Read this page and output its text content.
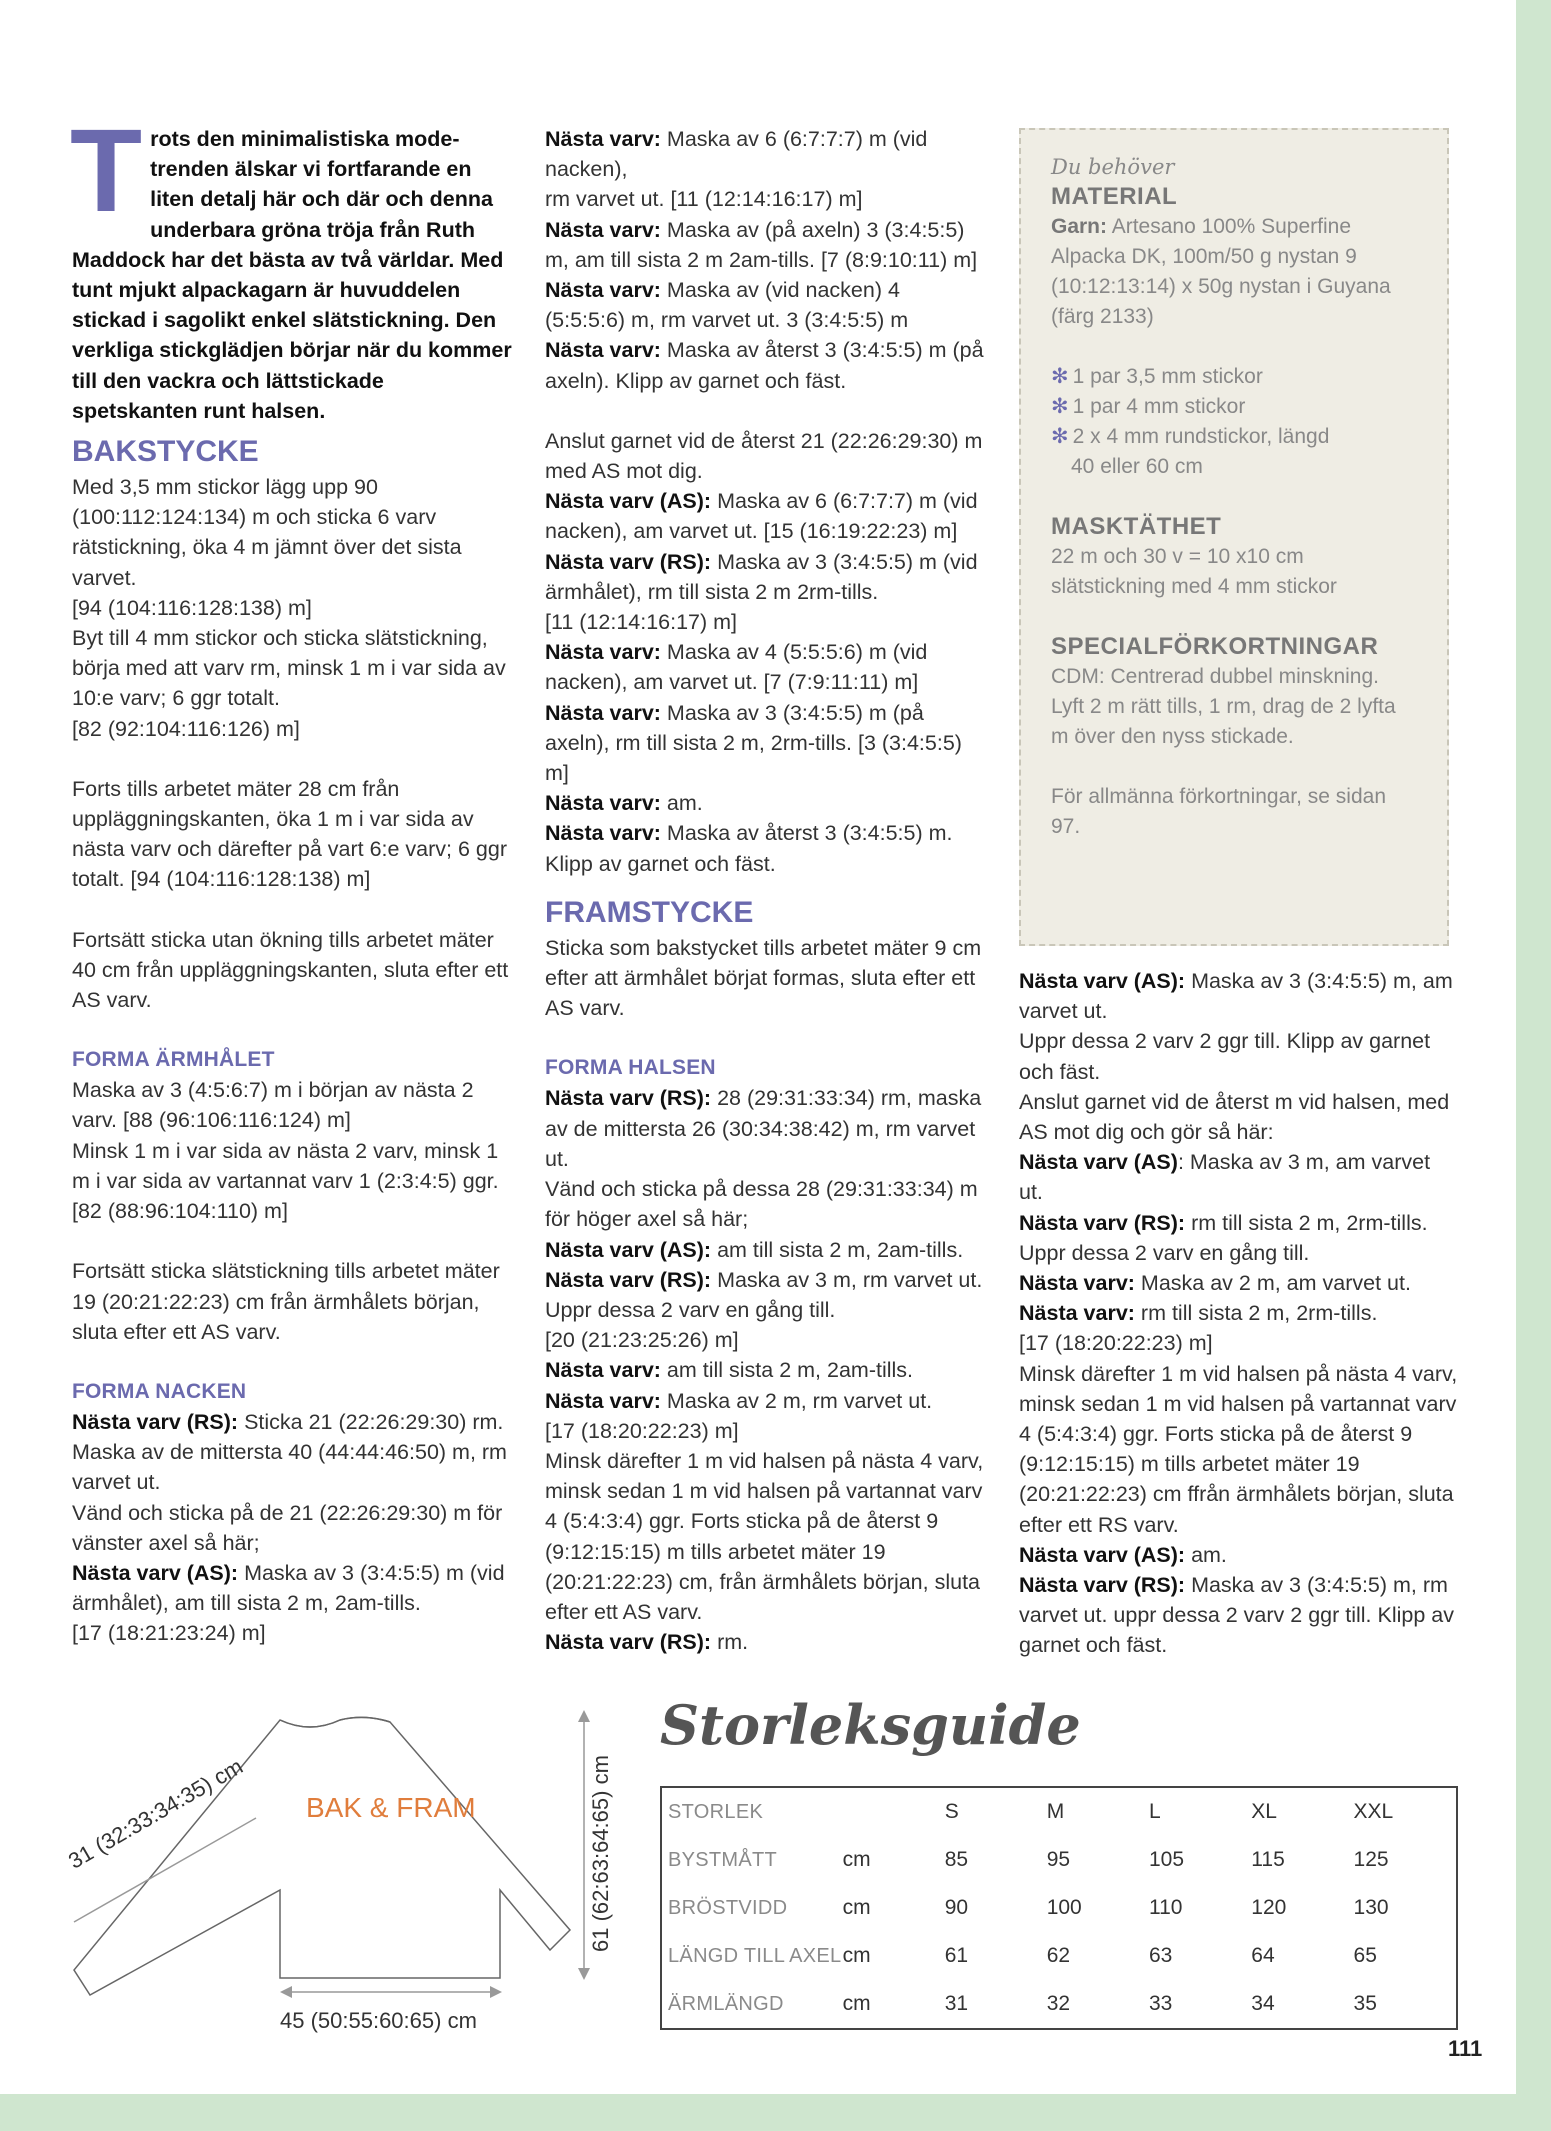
Trots den minimalistiska mode-trenden älskar vi fortfarande en liten detalj här och där och denna underbara gröna tröja från Ruth Maddock har det bästa av två världar. Med tunt mjukt alpackagarn är huvuddelen stickad i sagolikt enkel slätstickning. Den verkliga stickglädjen börjar när du kommer till den vackra och lättstickade spetskanten runt halsen.

BAKSTYCKE

Med 3,5 mm stickor lägg upp 90 (100:112:124:134) m och sticka 6 varv rätstickning, öka 4 m jämnt över det sista varvet.

[94 (104:116:128:138) m]

Byt till 4 mm stickor och sticka slätstickning, börja med att varv rm, minsk 1 m i var sida av 10:e varv; 6 ggr totalt.

[82 (92:104:116:126) m]

Forts tills arbetet mäter 28 cm från uppläggningskanten, öka 1 m i var sida av nästa varv och därefter på vart 6:e varv; 6 ggr totalt. [94 (104:116:128:138) m]

Fortsätt sticka utan ökning tills arbetet mäter 40 cm från uppläggningskanten, sluta efter ett AS varv.

FORMA ÄRMHÅLET

Maska av 3 (4:5:6:7) m i början av nästa 2 varv. [88 (96:106:116:124) m]

Minsk 1 m i var sida av nästa 2 varv, minsk 1 m i var sida av vartannat varv 1 (2:3:4:5) ggr.

[82 (88:96:104:110) m]

Fortsätt sticka slätstickning tills arbetet mäter 19 (20:21:22:23) cm från ärmhålets början, sluta efter ett AS varv.

FORMA NACKEN

Nästa varv (RS): Sticka 21 (22:26:29:30) rm. Maska av de mittersta 40 (44:44:46:50) m, rm varvet ut.

Vänd och sticka på de 21 (22:26:29:30) m för vänster axel så här;

Nästa varv (AS): Maska av 3 (3:4:5:5) m (vid ärmhålet), am till sista 2 m, 2am-tills.

[17 (18:21:23:24) m]

Nästa varv: Maska av 6 (6:7:7:7) m (vid nacken),

rm varvet ut. [11 (12:14:16:17) m]

Nästa varv: Maska av (på axeln) 3 (3:4:5:5) m, am till sista 2 m 2am-tills. [7 (8:9:10:11) m]

Nästa varv: Maska av (vid nacken) 4 (5:5:5:6) m, rm varvet ut. 3 (3:4:5:5) m

Nästa varv: Maska av återst 3 (3:4:5:5) m (på axeln). Klipp av garnet och fäst.

Anslut garnet vid de återst 21 (22:26:29:30) m med AS mot dig.

Nästa varv (AS): Maska av 6 (6:7:7:7) m (vid nacken), am varvet ut. [15 (16:19:22:23) m]

Nästa varv (RS): Maska av 3 (3:4:5:5) m (vid ärmhålet), rm till sista 2 m 2rm-tills.

[11 (12:14:16:17) m]

Nästa varv: Maska av 4 (5:5:5:6) m (vid nacken), am varvet ut. [7 (7:9:11:11) m]

Nästa varv: Maska av 3 (3:4:5:5) m (på axeln), rm till sista 2 m, 2rm-tills. [3 (3:4:5:5) m]

Nästa varv: am.

Nästa varv: Maska av återst 3 (3:4:5:5) m. Klipp av garnet och fäst.

FRAMSTYCKE

Sticka som bakstycket tills arbetet mäter 9 cm efter att ärmhålet börjat formas, sluta efter ett AS varv.

FORMA HALSEN

Nästa varv (RS): 28 (29:31:33:34) rm, maska av de mittersta 26 (30:34:38:42) m, rm varvet ut.

Vänd och sticka på dessa 28 (29:31:33:34) m för höger axel så här;

Nästa varv (AS): am till sista 2 m, 2am-tills.

Nästa varv (RS): Maska av 3 m, rm varvet ut.

Uppr dessa 2 varv en gång till.

[20 (21:23:25:26) m]

Nästa varv: am till sista 2 m, 2am-tills.

Nästa varv: Maska av 2 m, rm varvet ut.

[17 (18:20:22:23) m]

Minsk därefter 1 m vid halsen på nästa 4 varv, minsk sedan 1 m vid halsen på vartannat varv 4 (5:4:3:4) ggr. Forts sticka på de återst 9 (9:12:15:15) m tills arbetet mäter 19 (20:21:22:23) cm, från ärmhålets början, sluta efter ett AS varv.

Nästa varv (RS): rm.

Du behöver

MATERIAL

Garn: Artesano 100% Superfine Alpacka DK, 100m/50 g nystan 9 (10:12:13:14) x 50g nystan i Guyana (färg 2133)

✻ 1 par 3,5 mm stickor
✻ 1 par 4 mm stickor
✻ 2 x 4 mm rundstickor, längd
40 eller 60 cm
MASKTÄTHET

22 m och 30 v = 10 x10 cm slätstickning med 4 mm stickor

SPECIALFÖRKORTNINGAR

CDM: Centrerad dubbel minskning. Lyft 2 m rätt tills, 1 rm, drag de 2 lyfta m över den nyss stickade.

För allmänna förkortningar, se sidan 97.

Nästa varv (AS): Maska av 3 (3:4:5:5) m, am varvet ut.

Uppr dessa 2 varv 2 ggr till. Klipp av garnet och fäst.

Anslut garnet vid de återst m vid halsen, med AS mot dig och gör så här:

Nästa varv (AS): Maska av 3 m, am varvet ut.

Nästa varv (RS): rm till sista 2 m, 2rm-tills.

Uppr dessa 2 varv en gång till.

Nästa varv: Maska av 2 m, am varvet ut.

Nästa varv: rm till sista 2 m, 2rm-tills.

[17 (18:20:22:23) m]

Minsk därefter 1 m vid halsen på nästa 4 varv, minsk sedan 1 m vid halsen på vartannat varv 4 (5:4:3:4) ggr. Forts sticka på de återst 9 (9:12:15:15) m tills arbetet mäter 19 (20:21:22:23) cm ffrån ärmhålets början, sluta efter ett RS varv.

Nästa varv (AS): am.

Nästa varv (RS): Maska av 3 (3:4:5:5) m, rm varvet ut. uppr dessa 2 varv 2 ggr till. Klipp av garnet och fäst.

BAK & FRAM
31 (32:33:34:35) cm	61 (62:63:64:65) cm
45 (50:55:60:65) cm

Storleksguide

STORLEK		S	M	L	XL	XXL
BYSTMÅTT	cm	85	95	105	115	125
BRÖSTVIDD	cm	90	100	110	120	130
LÄNGD TILL AXEL	cm	61	62	63	64	65
ÄRMLÄNGD	cm	31	32	33	34	35
111
